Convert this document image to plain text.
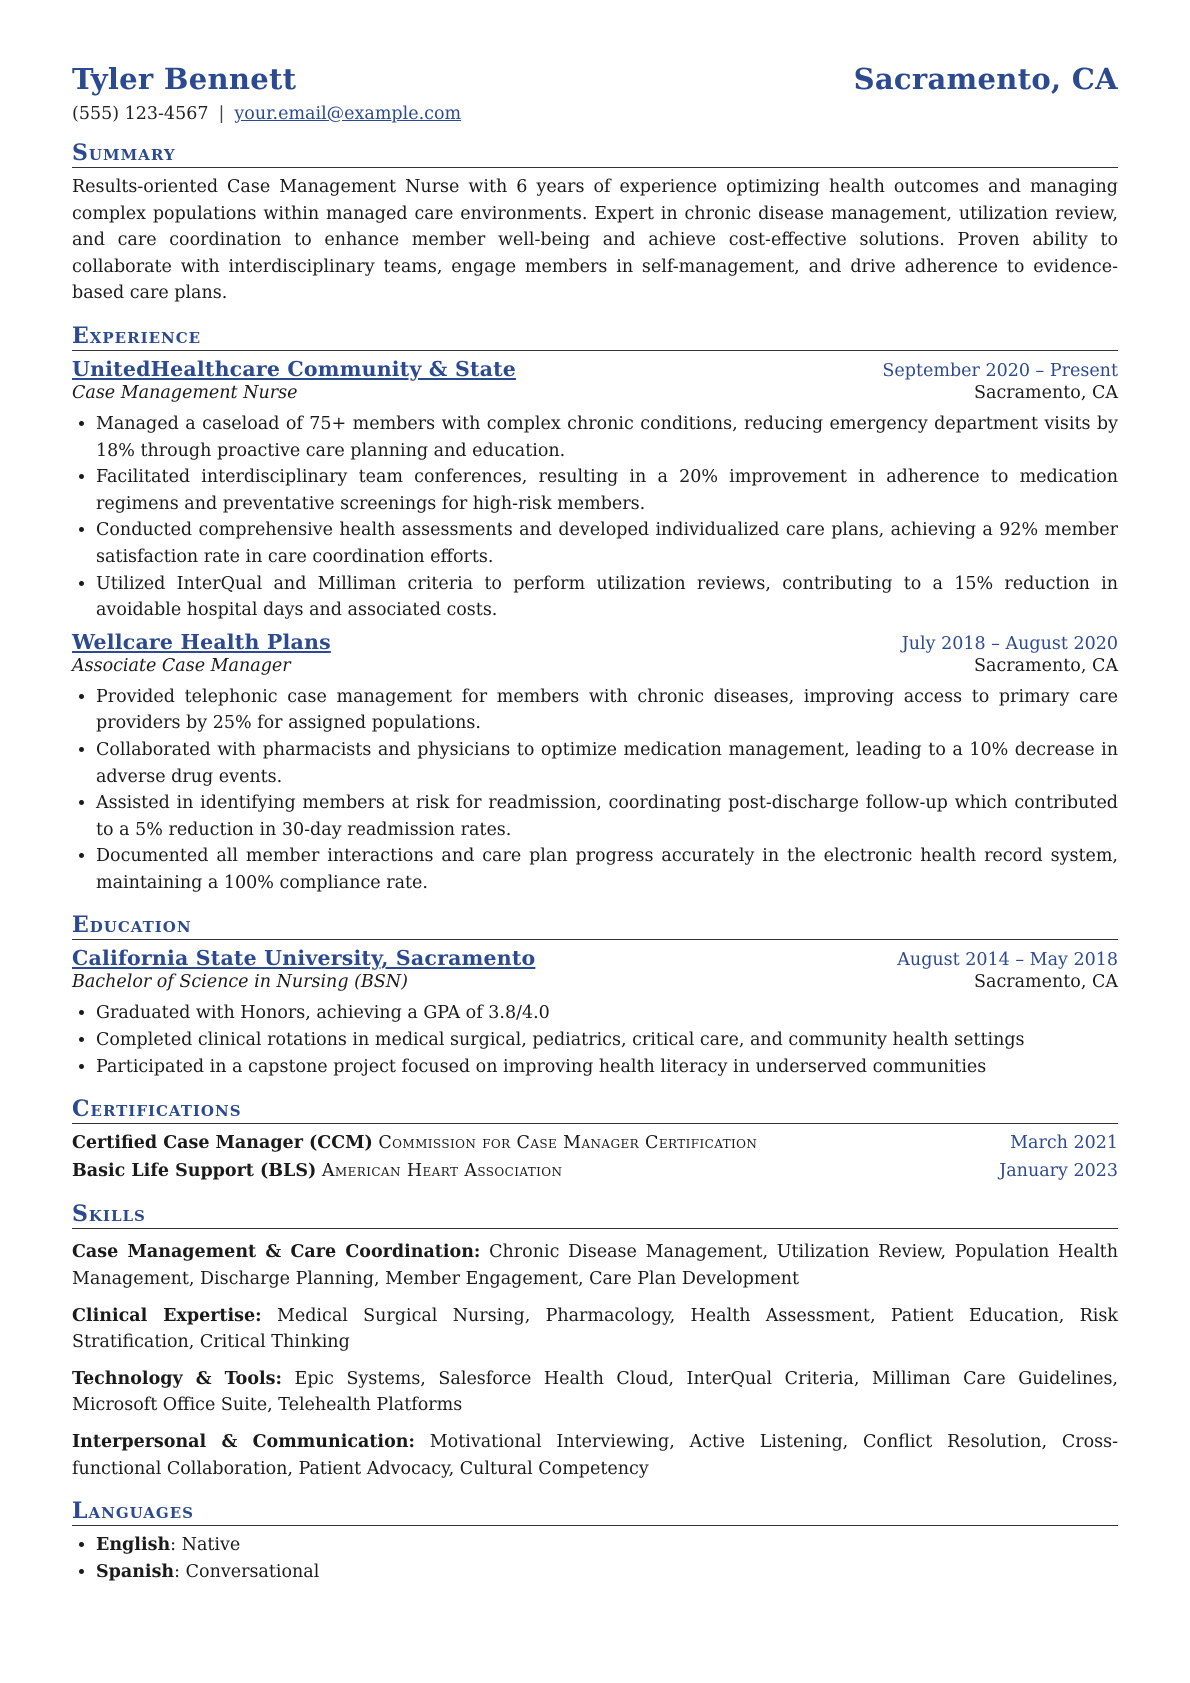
Tyler Bennett	Sacramento, CA
(555) 123-4567 | your.email@example.com
Summary
Results-oriented Case Management Nurse with 6 years of experience optimizing health outcomes and managing complex populations within managed care environments. Expert in chronic disease management, utilization review, and care coordination to enhance member well-being and achieve cost-effective solutions. Proven ability to collaborate with interdisciplinary teams, engage members in self-management, and drive adherence to evidence-based care plans.
Experience
UnitedHealthcare Community & State	September 2020 – Present
Case Management Nurse	Sacramento, CA
• Managed a caseload of 75+ members with complex chronic conditions, reducing emergency department visits by 18% through proactive care planning and education.
• Facilitated interdisciplinary team conferences, resulting in a 20% improvement in adherence to medication regimens and preventative screenings for high-risk members.
• Conducted comprehensive health assessments and developed individualized care plans, achieving a 92% member satisfaction rate in care coordination efforts.
• Utilized InterQual and Milliman criteria to perform utilization reviews, contributing to a 15% reduction in avoidable hospital days and associated costs.
Wellcare Health Plans	July 2018 – August 2020
Associate Case Manager	Sacramento, CA
• Provided telephonic case management for members with chronic diseases, improving access to primary care providers by 25% for assigned populations.
• Collaborated with pharmacists and physicians to optimize medication management, leading to a 10% decrease in adverse drug events.
• Assisted in identifying members at risk for readmission, coordinating post-discharge follow-up which contributed to a 5% reduction in 30-day readmission rates.
• Documented all member interactions and care plan progress accurately in the electronic health record system, maintaining a 100% compliance rate.
Education
California State University, Sacramento	August 2014 – May 2018
Bachelor of Science in Nursing (BSN)	Sacramento, CA
• Graduated with Honors, achieving a GPA of 3.8/4.0
• Completed clinical rotations in medical surgical, pediatrics, critical care, and community health settings
• Participated in a capstone project focused on improving health literacy in underserved communities
Certifications
Certified Case Manager (CCM) Commission for Case Manager Certification	March 2021
Basic Life Support (BLS) American Heart Association	January 2023
Skills
Case Management & Care Coordination: Chronic Disease Management, Utilization Review, Population Health Management, Discharge Planning, Member Engagement, Care Plan Development
Clinical Expertise: Medical Surgical Nursing, Pharmacology, Health Assessment, Patient Education, Risk Stratification, Critical Thinking
Technology & Tools: Epic Systems, Salesforce Health Cloud, InterQual Criteria, Milliman Care Guidelines, Microsoft Office Suite, Telehealth Platforms
Interpersonal & Communication: Motivational Interviewing, Active Listening, Conflict Resolution, Cross-functional Collaboration, Patient Advocacy, Cultural Competency
Languages
• English: Native
• Spanish: Conversational
